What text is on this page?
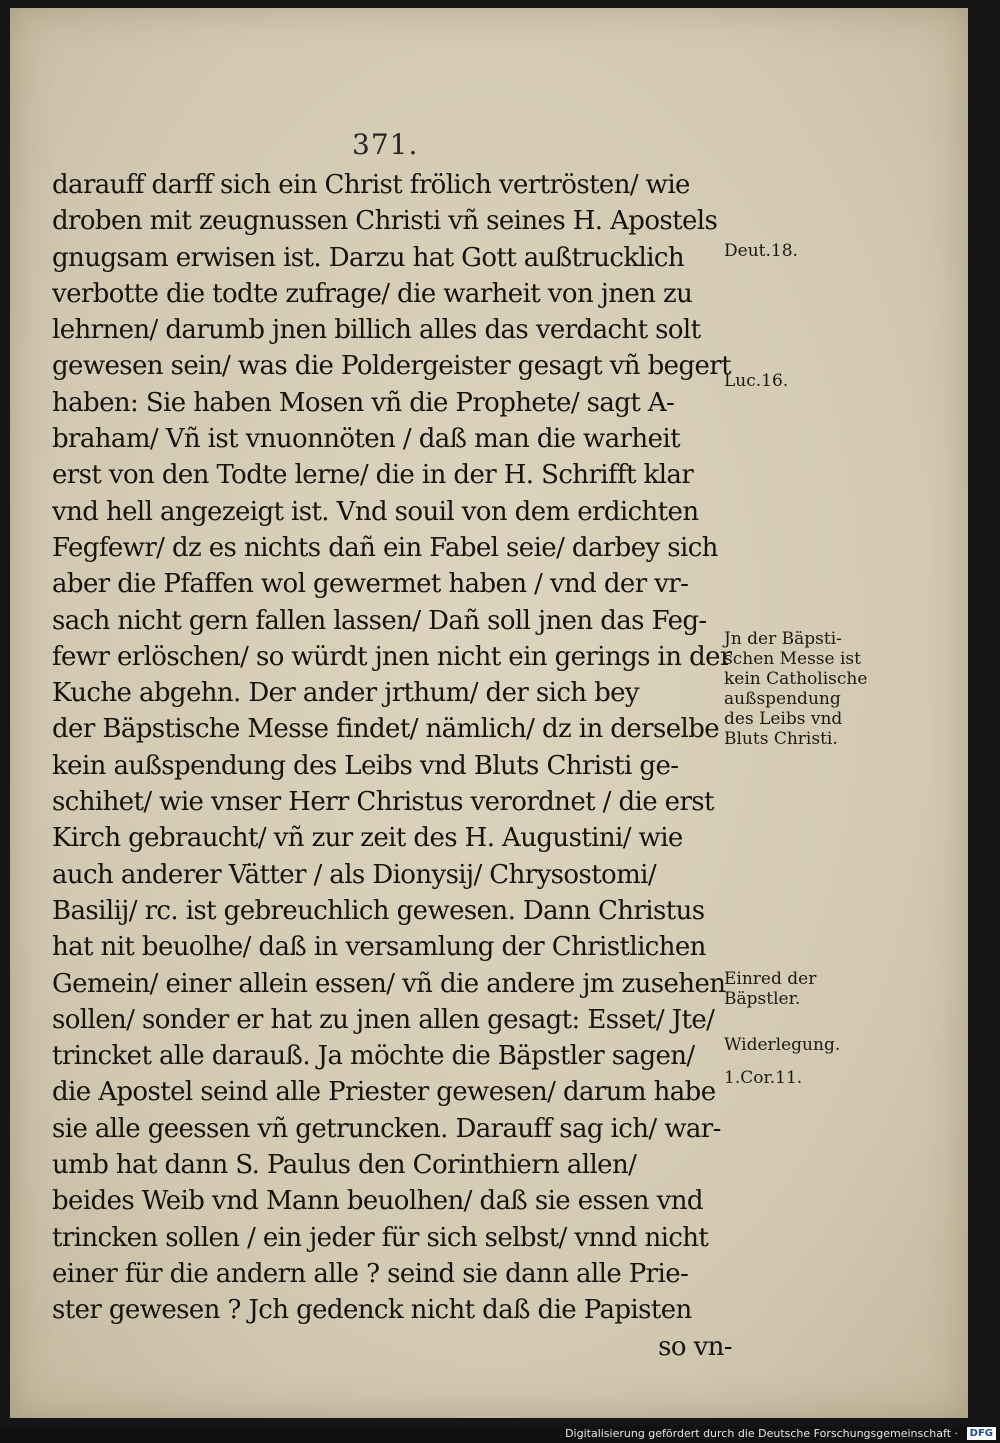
371.
darauff darff sich ein Christ frölich vertrösten/ wie
droben mit zeugnussen Christi vñ seines H. Apostels
gnugsam erwisen ist. Darzu hat Gott außtrucklich
verbotte die todte zufrage/ die warheit von jnen zu
lehrnen/ darumb jnen billich alles das verdacht solt
gewesen sein/ was die Poldergeister gesagt vñ begert
haben: Sie haben Mosen vñ die Prophete/ sagt A-
braham/ Vñ ist vnuonnöten / daß man die warheit
erst von den Todte lerne/ die in der H. Schrifft klar
vnd hell angezeigt ist. Vnd souil von dem erdichten
Fegfewr/ dz es nichts dañ ein Fabel seie/ darbey sich
aber die Pfaffen wol gewermet haben / vnd der vr-
sach nicht gern fallen lassen/ Dañ soll jnen das Feg-
fewr erlöschen/ so würdt jnen nicht ein gerings in der
Kuche abgehn. Der ander jrthum/ der sich bey
der Bäpstische Messe findet/ nämlich/ dz in derselbe
kein außspendung des Leibs vnd Bluts Christi ge-
schihet/ wie vnser Herr Christus verordnet / die erst
Kirch gebraucht/ vñ zur zeit des H. Augustini/ wie
auch anderer Vätter / als Dionysij/ Chrysostomi/
Basilij/ rc. ist gebreuchlich gewesen. Dann Christus
hat nit beuolhe/ daß in versamlung der Christlichen
Gemein/ einer allein essen/ vñ die andere jm zusehen
sollen/ sonder er hat zu jnen allen gesagt: Esset/ Jte/
trincket alle darauß. Ja möchte die Bäpstler sagen/
die Apostel seind alle Priester gewesen/ darum habe
sie alle geessen vñ getruncken. Darauff sag ich/ war-
umb hat dann S. Paulus den Corinthiern allen/
beides Weib vnd Mann beuolhen/ daß sie essen vnd
trincken sollen / ein jeder für sich selbst/ vnnd nicht
einer für die andern alle ? seind sie dann alle Prie-
ster gewesen ? Jch gedenck nicht daß die Papisten
so vn-
Deut.18.
Luc.16.
Jn der Bäpsti-
schen Messe ist
kein Catholische
außspendung
des Leibs vnd
Bluts Christi.
Einred der
Bäpstler.
Widerlegung.
1.Cor.11.
Digitalisierung gefördert durch die Deutsche Forschungsgemeinschaft ·	DFG
